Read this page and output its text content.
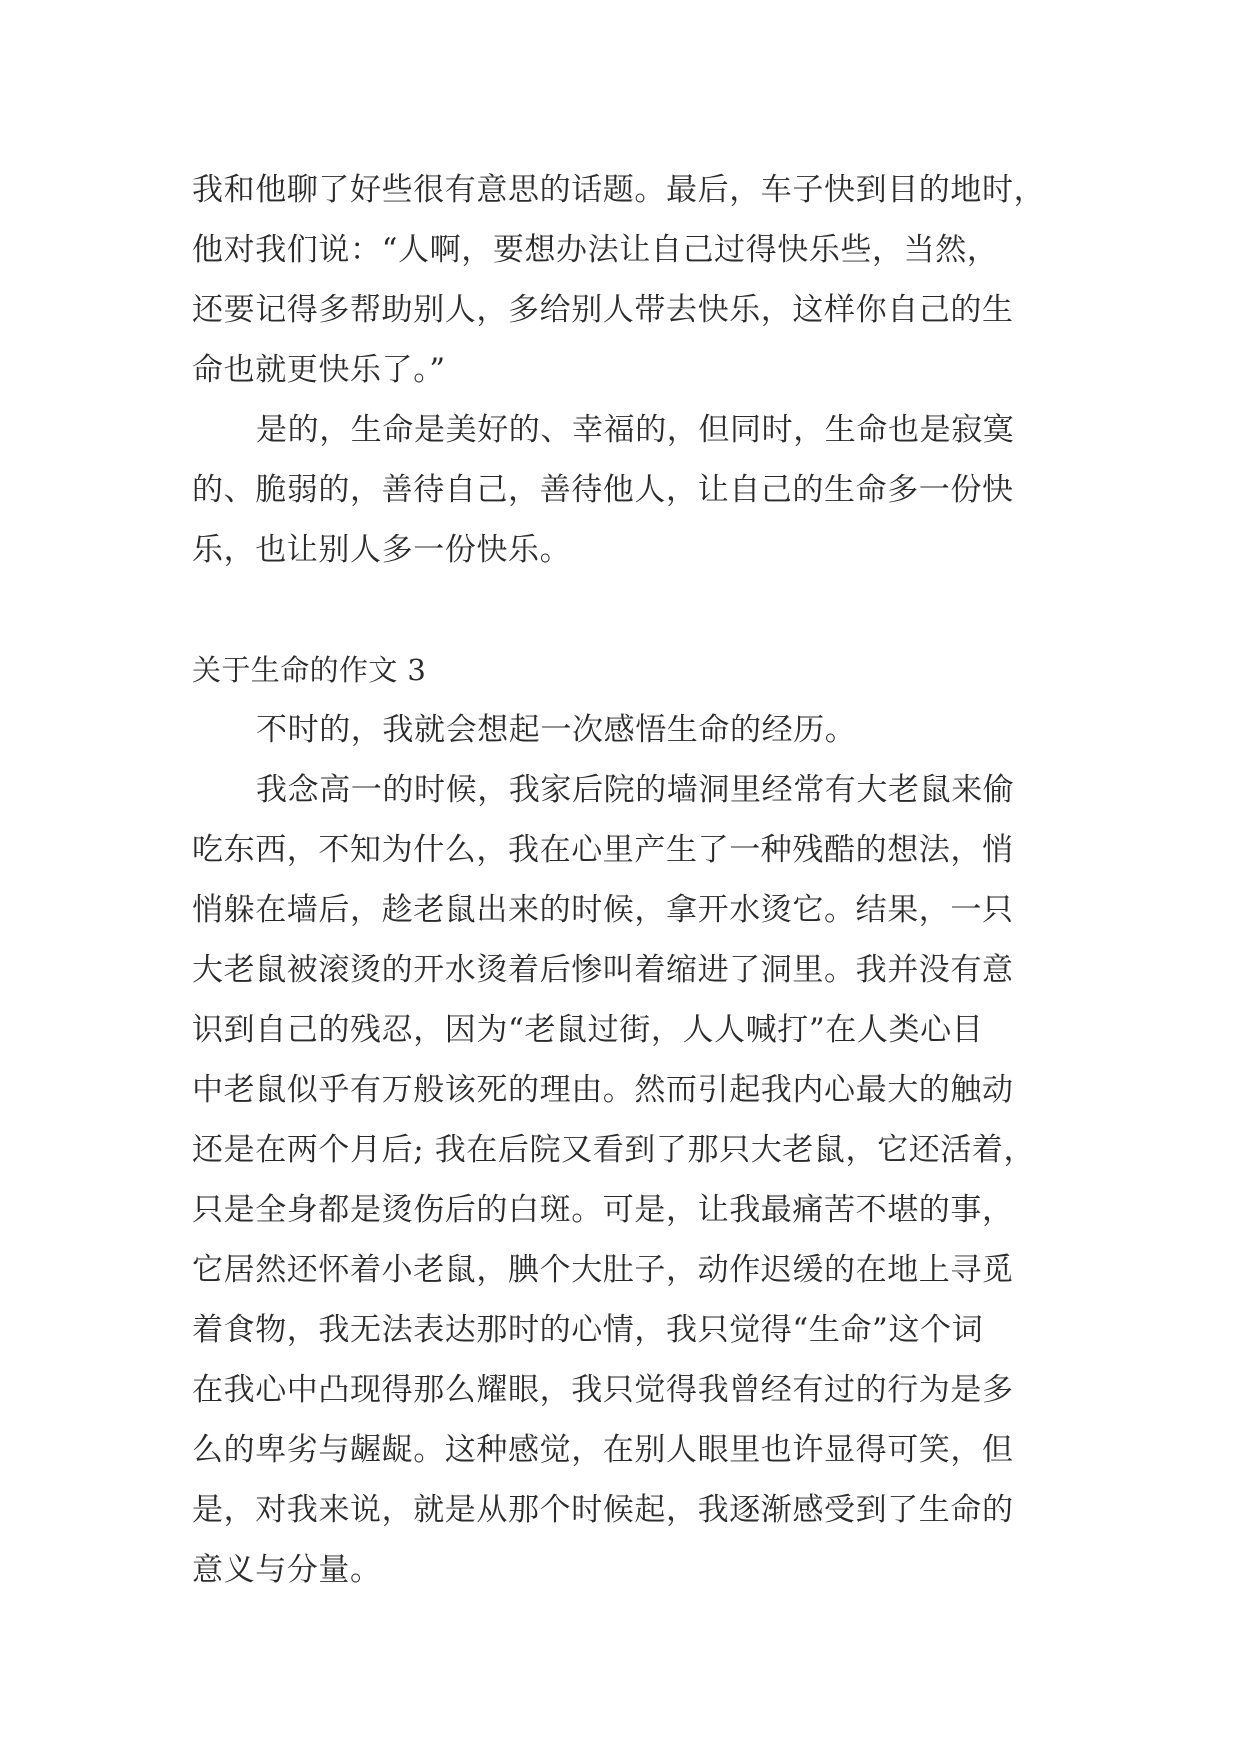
我和他聊了好些很有意思的话题。最后，车子快到目的地时，
他对我们说：“人啊，要想办法让自己过得快乐些，当然，
还要记得多帮助别人，多给别人带去快乐，这样你自己的生
命也就更快乐了。”
是的，生命是美好的、幸福的，但同时，生命也是寂寞
的、脆弱的，善待自己，善待他人，让自己的生命多一份快
乐，也让别人多一份快乐。
关于生命的作文 3
不时的，我就会想起一次感悟生命的经历。
我念高一的时候，我家后院的墙洞里经常有大老鼠来偷
吃东西，不知为什么，我在心里产生了一种残酷的想法，悄
悄躲在墙后，趁老鼠出来的时候，拿开水烫它。结果，一只
大老鼠被滚烫的开水烫着后惨叫着缩进了洞里。我并没有意
识到自己的残忍，因为“老鼠过街，人人喊打”在人类心目
中老鼠似乎有万般该死的理由。然而引起我内心最大的触动
还是在两个月后; 我在后院又看到了那只大老鼠，它还活着，
只是全身都是烫伤后的白斑。可是，让我最痛苦不堪的事，
它居然还怀着小老鼠，腆个大肚子，动作迟缓的在地上寻觅
着食物，我无法表达那时的心情，我只觉得“生命”这个词
在我心中凸现得那么耀眼，我只觉得我曾经有过的行为是多
么的卑劣与龌龊。这种感觉，在别人眼里也许显得可笑，但
是，对我来说，就是从那个时候起，我逐渐感受到了生命的
意义与分量。
